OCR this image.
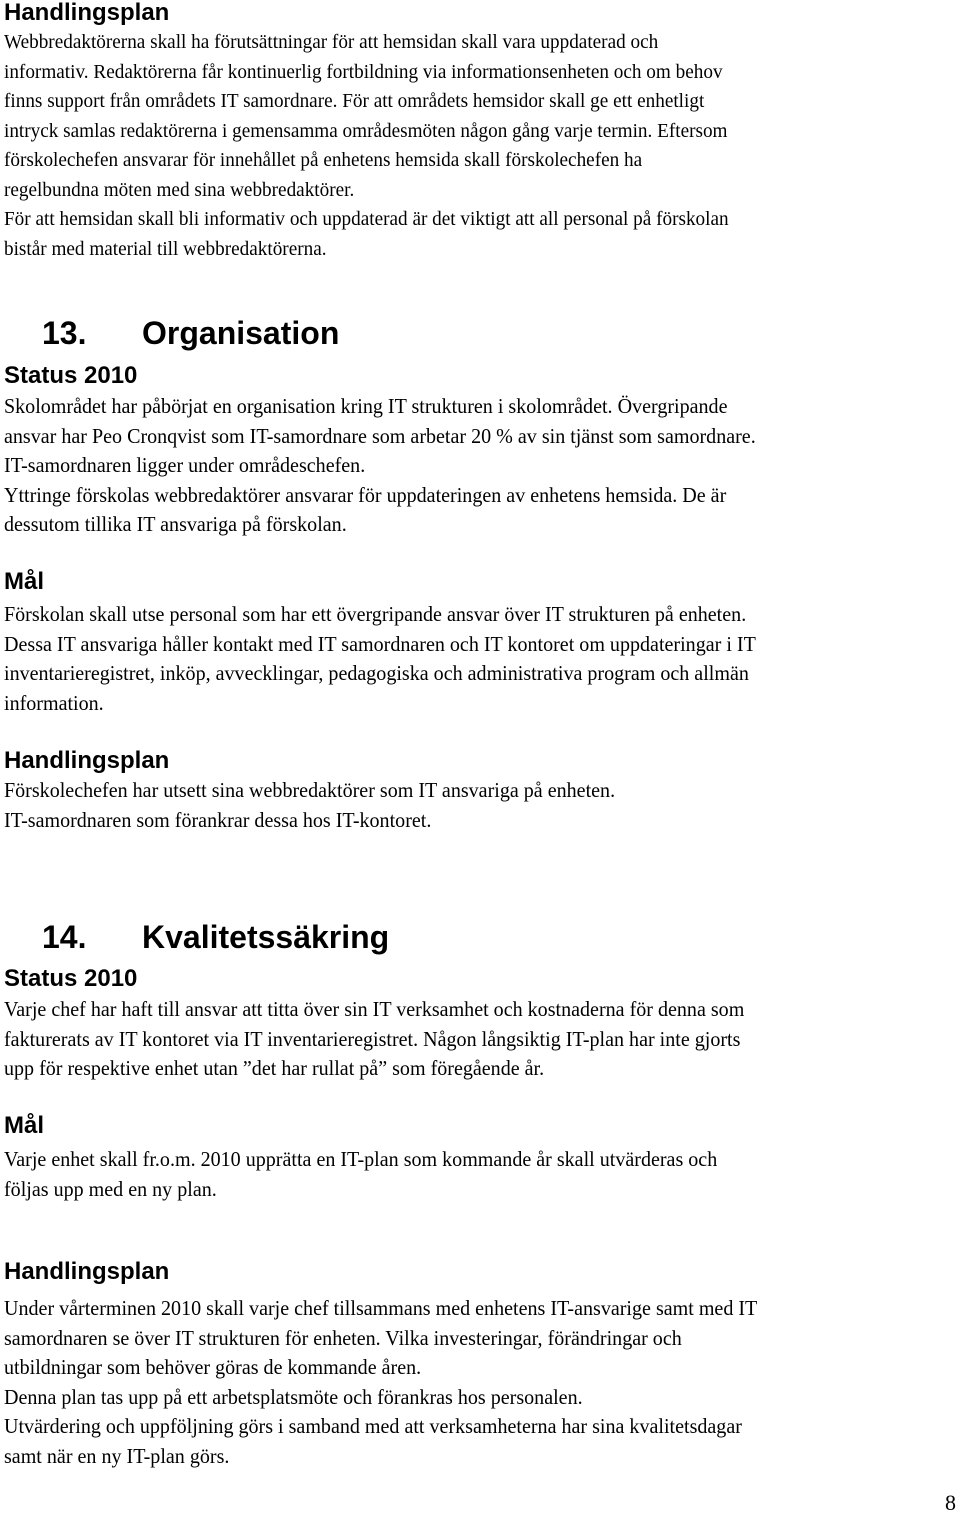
Handlingsplan
Webbredaktörerna skall ha förutsättningar för att hemsidan skall vara uppdaterad och
informativ. Redaktörerna får kontinuerlig fortbildning via informationsenheten och om behov
finns support från områdets IT samordnare. För att områdets hemsidor skall ge ett enhetligt
intryck samlas redaktörerna i gemensamma områdesmöten någon gång varje termin. Eftersom
förskolechefen ansvarar för innehållet på enhetens hemsida skall förskolechefen ha
regelbundna möten med sina webbredaktörer.
För att hemsidan skall bli informativ och uppdaterad är det viktigt att all personal på förskolan
bistår med material till webbredaktörerna.
13. Organisation
Status 2010
Skolområdet har påbörjat en organisation kring IT strukturen i skolområdet. Övergripande
ansvar har Peo Cronqvist som IT-samordnare som arbetar 20 % av sin tjänst som samordnare.
IT-samordnaren ligger under områdeschefen.
Yttringe förskolas webbredaktörer ansvarar för uppdateringen av enhetens hemsida. De är
dessutom tillika IT ansvariga på förskolan.
Mål
Förskolan skall utse personal som har ett övergripande ansvar över IT strukturen på enheten.
Dessa IT ansvariga håller kontakt med IT samordnaren och IT kontoret om uppdateringar i IT
inventarieregistret, inköp, avvecklingar, pedagogiska och administrativa program och allmän
information.
Handlingsplan
Förskolechefen har utsett sina webbredaktörer som IT ansvariga på enheten.
IT-samordnaren som förankrar dessa hos IT-kontoret.
14. Kvalitetssäkring
Status 2010
Varje chef har haft till ansvar att titta över sin IT verksamhet och kostnaderna för denna som
fakturerats av IT kontoret via IT inventarieregistret. Någon långsiktig IT-plan har inte gjorts
upp för respektive enhet utan ”det har rullat på” som föregående år.
Mål
Varje enhet skall fr.o.m. 2010 upprätta en IT-plan som kommande år skall utvärderas och
följas upp med en ny plan.
Handlingsplan
Under vårterminen 2010 skall varje chef tillsammans med enhetens IT-ansvarige samt med IT
samordnaren se över IT strukturen för enheten. Vilka investeringar, förändringar och
utbildningar som behöver göras de kommande åren.
Denna plan tas upp på ett arbetsplatsmöte och förankras hos personalen.
Utvärdering och uppföljning görs i samband med att verksamheterna har sina kvalitetsdagar
samt när en ny IT-plan görs.
8
